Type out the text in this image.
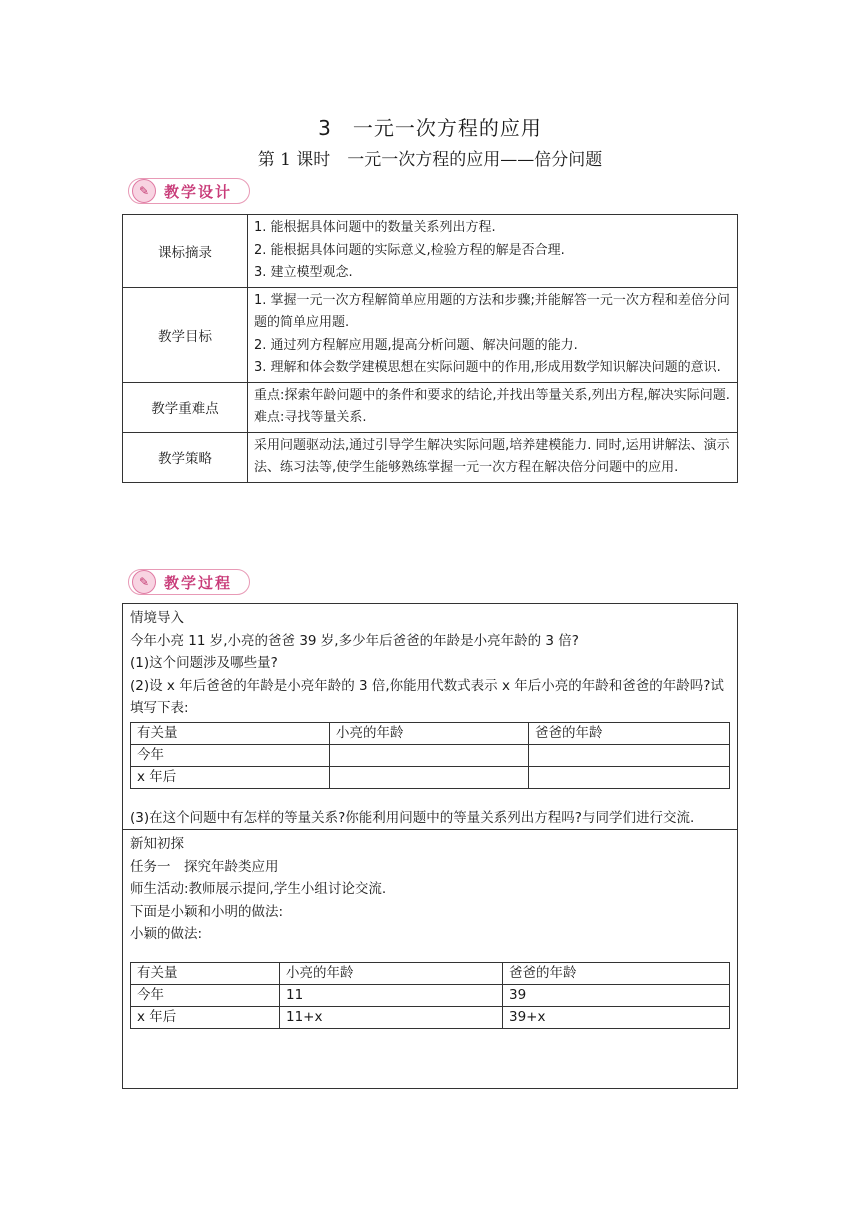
3　一元一次方程的应用
第 1 课时　一元一次方程的应用——倍分问题
✎ 教学设计
课标摘录	1. 能根据具体问题中的数量关系列出方程.
2. 能根据具体问题的实际意义,检验方程的解是否合理.
3. 建立模型观念.

教学目标	1. 掌握一元一次方程解简单应用题的方法和步骤;并能解答一元一次方程和差倍分问题的简单应用题.
2. 通过列方程解应用题,提高分析问题、解决问题的能力.
3. 理解和体会数学建模思想在实际问题中的作用,形成用数学知识解决问题的意识.

教学重难点	重点:探索年龄问题中的条件和要求的结论,并找出等量关系,列出方程,解决实际问题.
难点:寻找等量关系.

教学策略	采用问题驱动法,通过引导学生解决实际问题,培养建模能力. 同时,运用讲解法、演示法、练习法等,使学生能够熟练掌握一元一次方程在解决倍分问题中的应用.
✎ 教学过程
情境导入
今年小亮 11 岁,小亮的爸爸 39 岁,多少年后爸爸的年龄是小亮年龄的 3 倍?
(1)这个问题涉及哪些量?
(2)设 x 年后爸爸的年龄是小亮年龄的 3 倍,你能用代数式表示 x 年后小亮的年龄和爸爸的年龄吗?试填写下表:
有关量	小亮的年龄	爸爸的年龄
今年		
x 年后		
(3)在这个问题中有怎样的等量关系?你能利用问题中的等量关系列出方程吗?与同学们进行交流.
新知初探
任务一　探究年龄类应用
师生活动:教师展示提问,学生小组讨论交流.
下面是小颖和小明的做法:
小颖的做法:
有关量	小亮的年龄	爸爸的年龄
今年	11	39
x 年后	11+x	39+x
